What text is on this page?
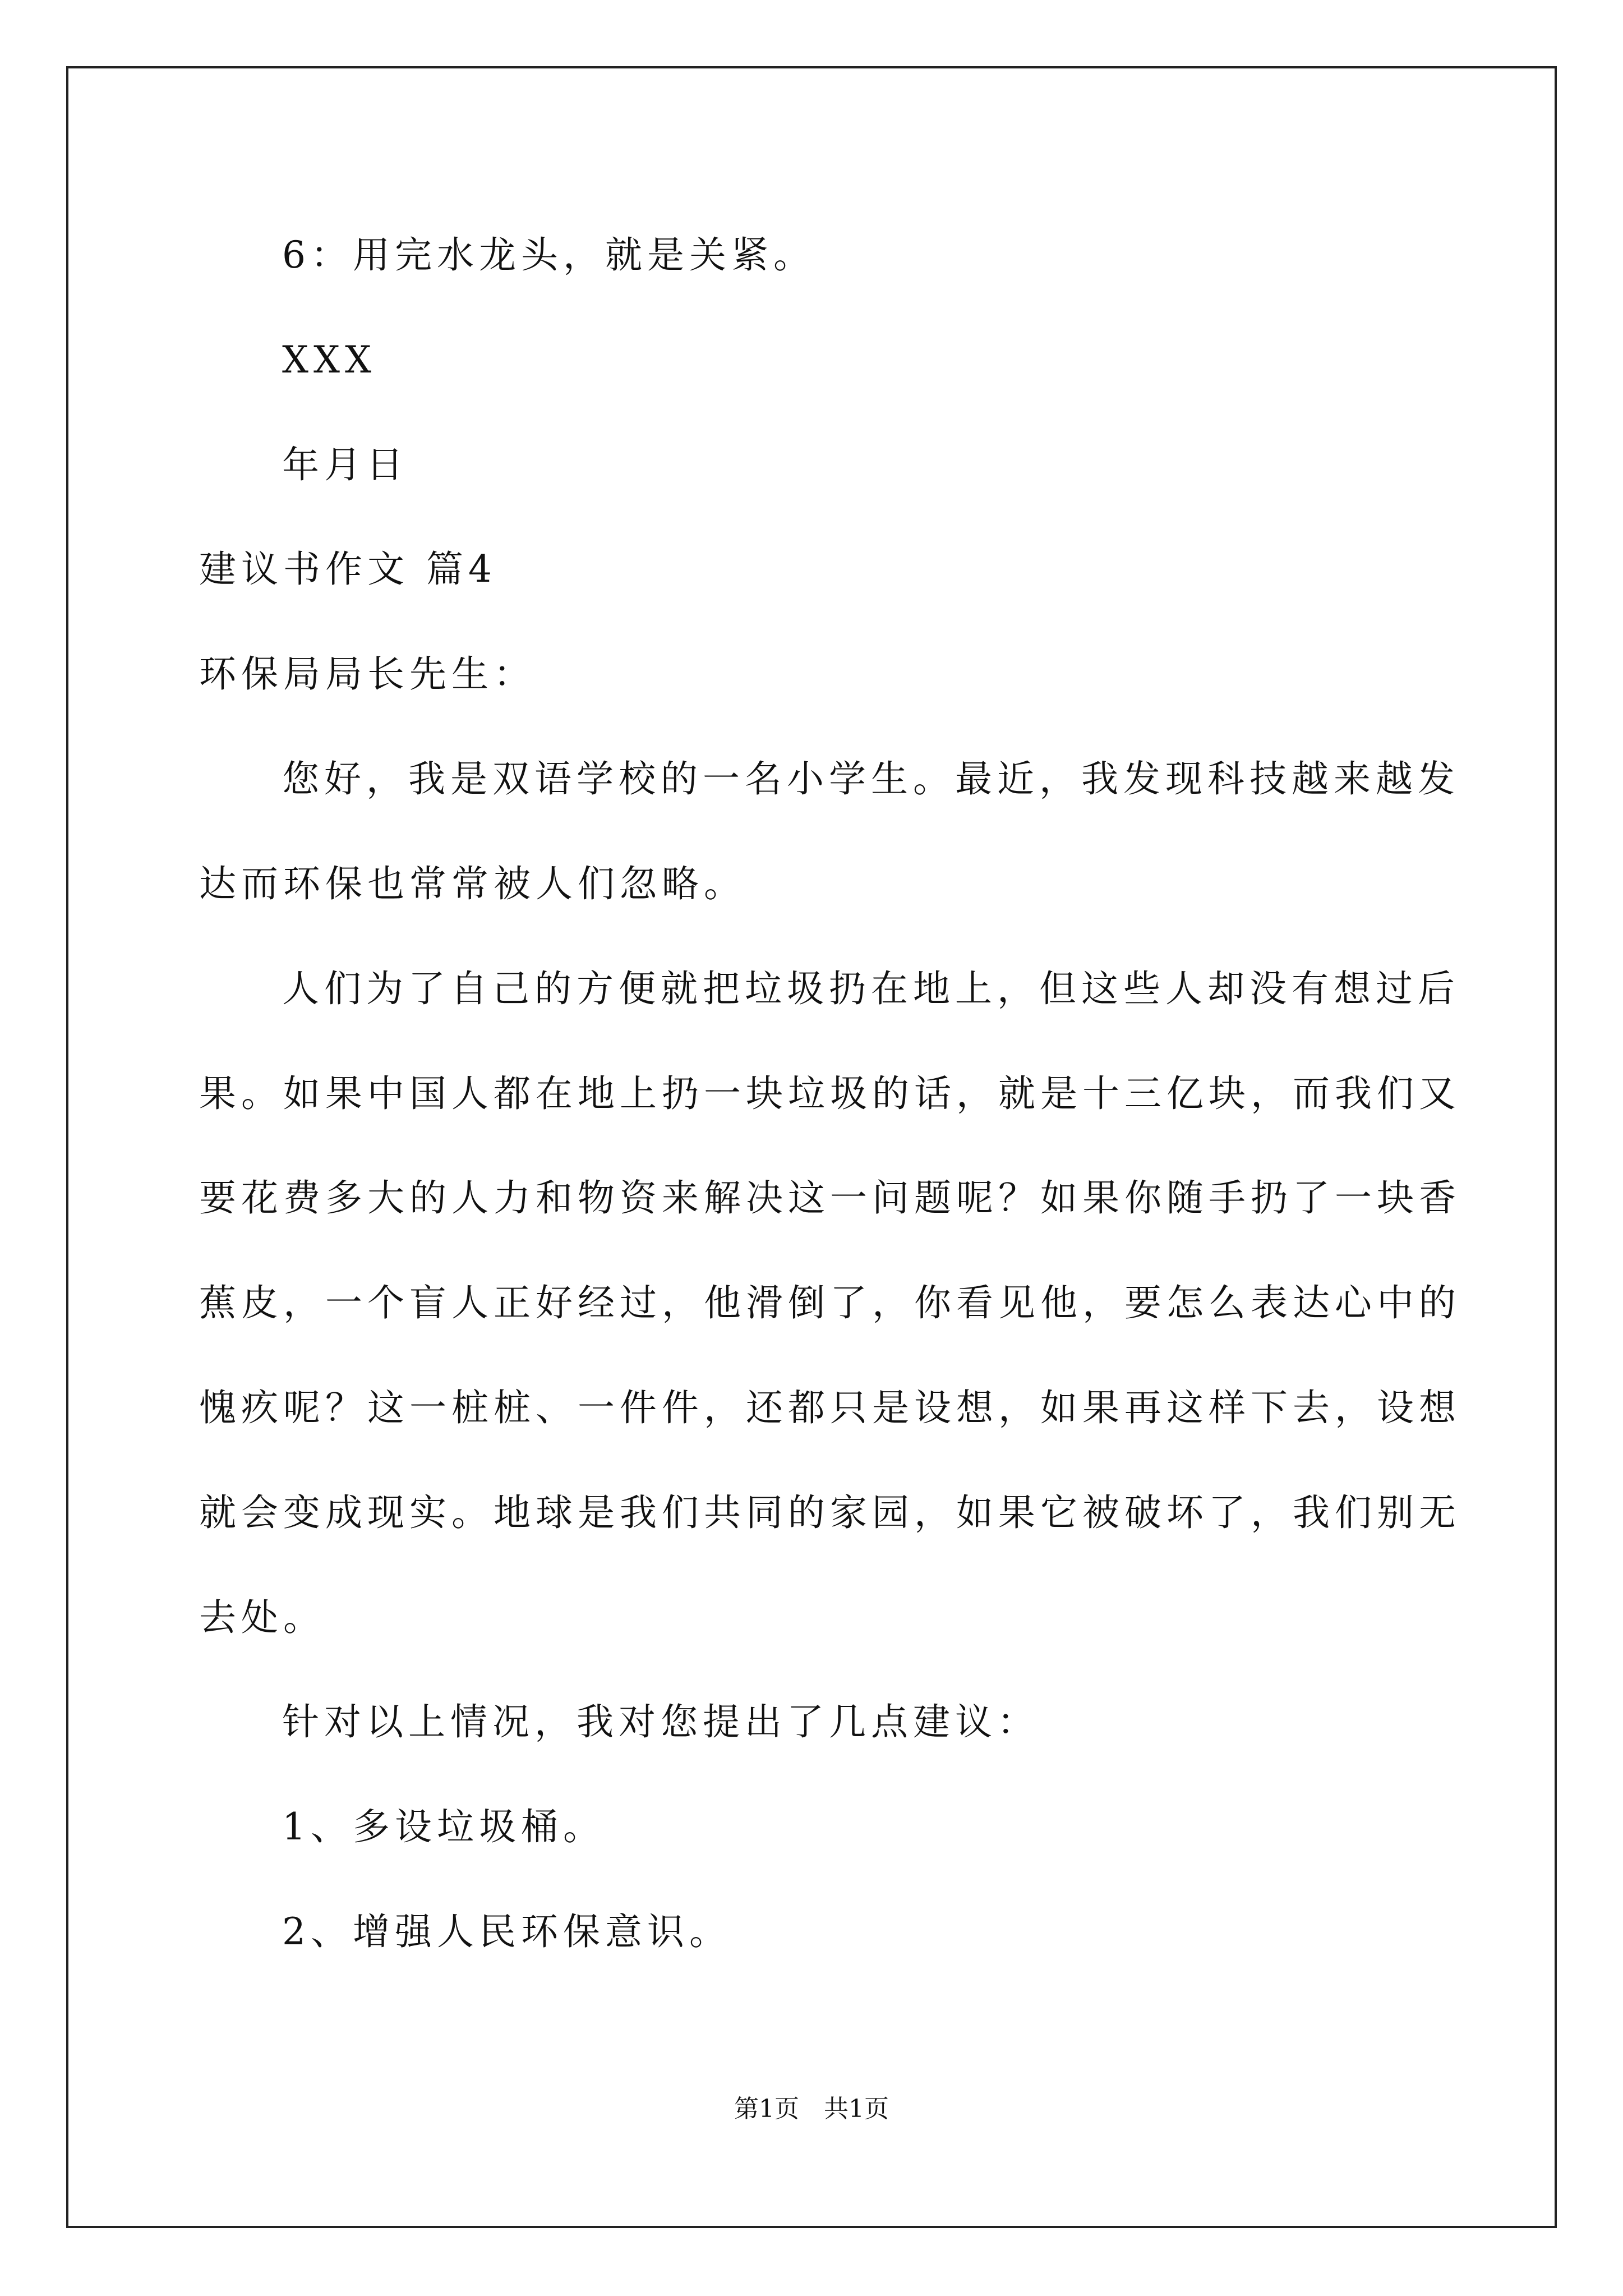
6：用完水龙头，就是关紧。
XXX
年月日
建议书作文 篇4
环保局局长先生：
您好，我是双语学校的一名小学生。最近，我发现科技越来越发
达而环保也常常被人们忽略。
人们为了自己的方便就把垃圾扔在地上，但这些人却没有想过后
果。如果中国人都在地上扔一块垃圾的话，就是十三亿块，而我们又
要花费多大的人力和物资来解决这一问题呢？如果你随手扔了一块香
蕉皮，一个盲人正好经过，他滑倒了，你看见他，要怎么表达心中的
愧疚呢？这一桩桩、一件件，还都只是设想，如果再这样下去，设想
就会变成现实。地球是我们共同的家园，如果它被破坏了，我们别无
去处。
针对以上情况，我对您提出了几点建议：
1、多设垃圾桶。
2、增强人民环保意识。
第1页 共1页
